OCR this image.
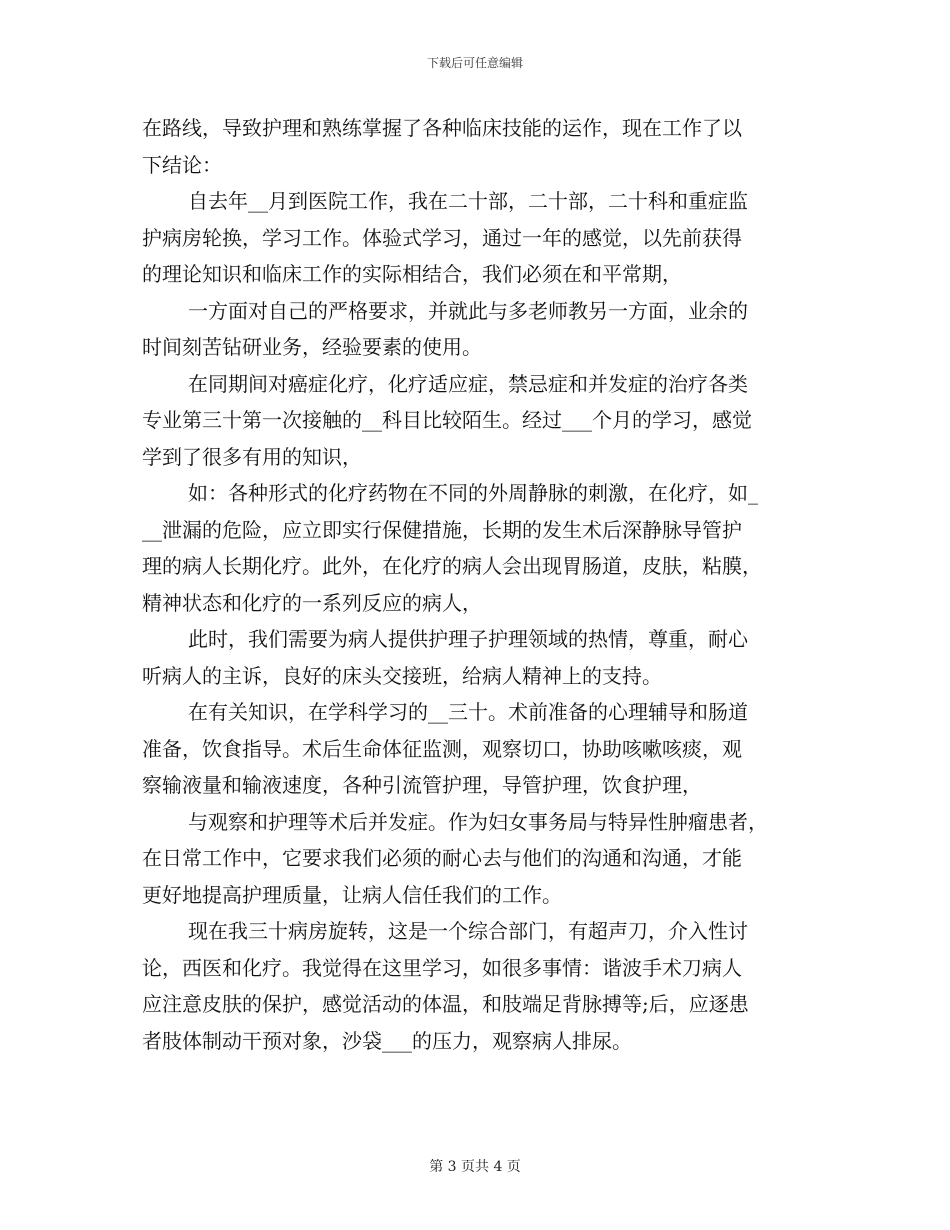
下载后可任意编辑
在路线，导致护理和熟练掌握了各种临床技能的运作，现在工作了以
下结论：
自去年__月到医院工作，我在二十部，二十部，二十科和重症监
护病房轮换，学习工作。体验式学习，通过一年的感觉，以先前获得
的理论知识和临床工作的实际相结合，我们必须在和平常期，
一方面对自己的严格要求，并就此与多老师教另一方面，业余的
时间刻苦钻研业务，经验要素的使用。
在同期间对癌症化疗，化疗适应症，禁忌症和并发症的治疗各类
专业第三十第一次接触的__科目比较陌生。经过___个月的学习，感觉
学到了很多有用的知识，
如：各种形式的化疗药物在不同的外周静脉的刺激，在化疗，如_
__泄漏的危险，应立即实行保健措施，长期的发生术后深静脉导管护
理的病人长期化疗。此外，在化疗的病人会出现胃肠道，皮肤，粘膜，
精神状态和化疗的一系列反应的病人，
此时，我们需要为病人提供护理子护理领域的热情，尊重，耐心
听病人的主诉，良好的床头交接班，给病人精神上的支持。
在有关知识，在学科学习的__三十。术前准备的心理辅导和肠道
准备，饮食指导。术后生命体征监测，观察切口，协助咳嗽咳痰，观
察输液量和输液速度，各种引流管护理，导管护理，饮食护理，
与观察和护理等术后并发症。作为妇女事务局与特异性肿瘤患者，
在日常工作中，它要求我们必须的耐心去与他们的沟通和沟通，才能
更好地提高护理质量，让病人信任我们的工作。
现在我三十病房旋转，这是一个综合部门，有超声刀，介入性讨
论，西医和化疗。我觉得在这里学习，如很多事情：谐波手术刀病人
应注意皮肤的保护，感觉活动的体温，和肢端足背脉搏等;后，应逐患
者肢体制动干预对象，沙袋___的压力，观察病人排尿。
第 3 页共 4 页
